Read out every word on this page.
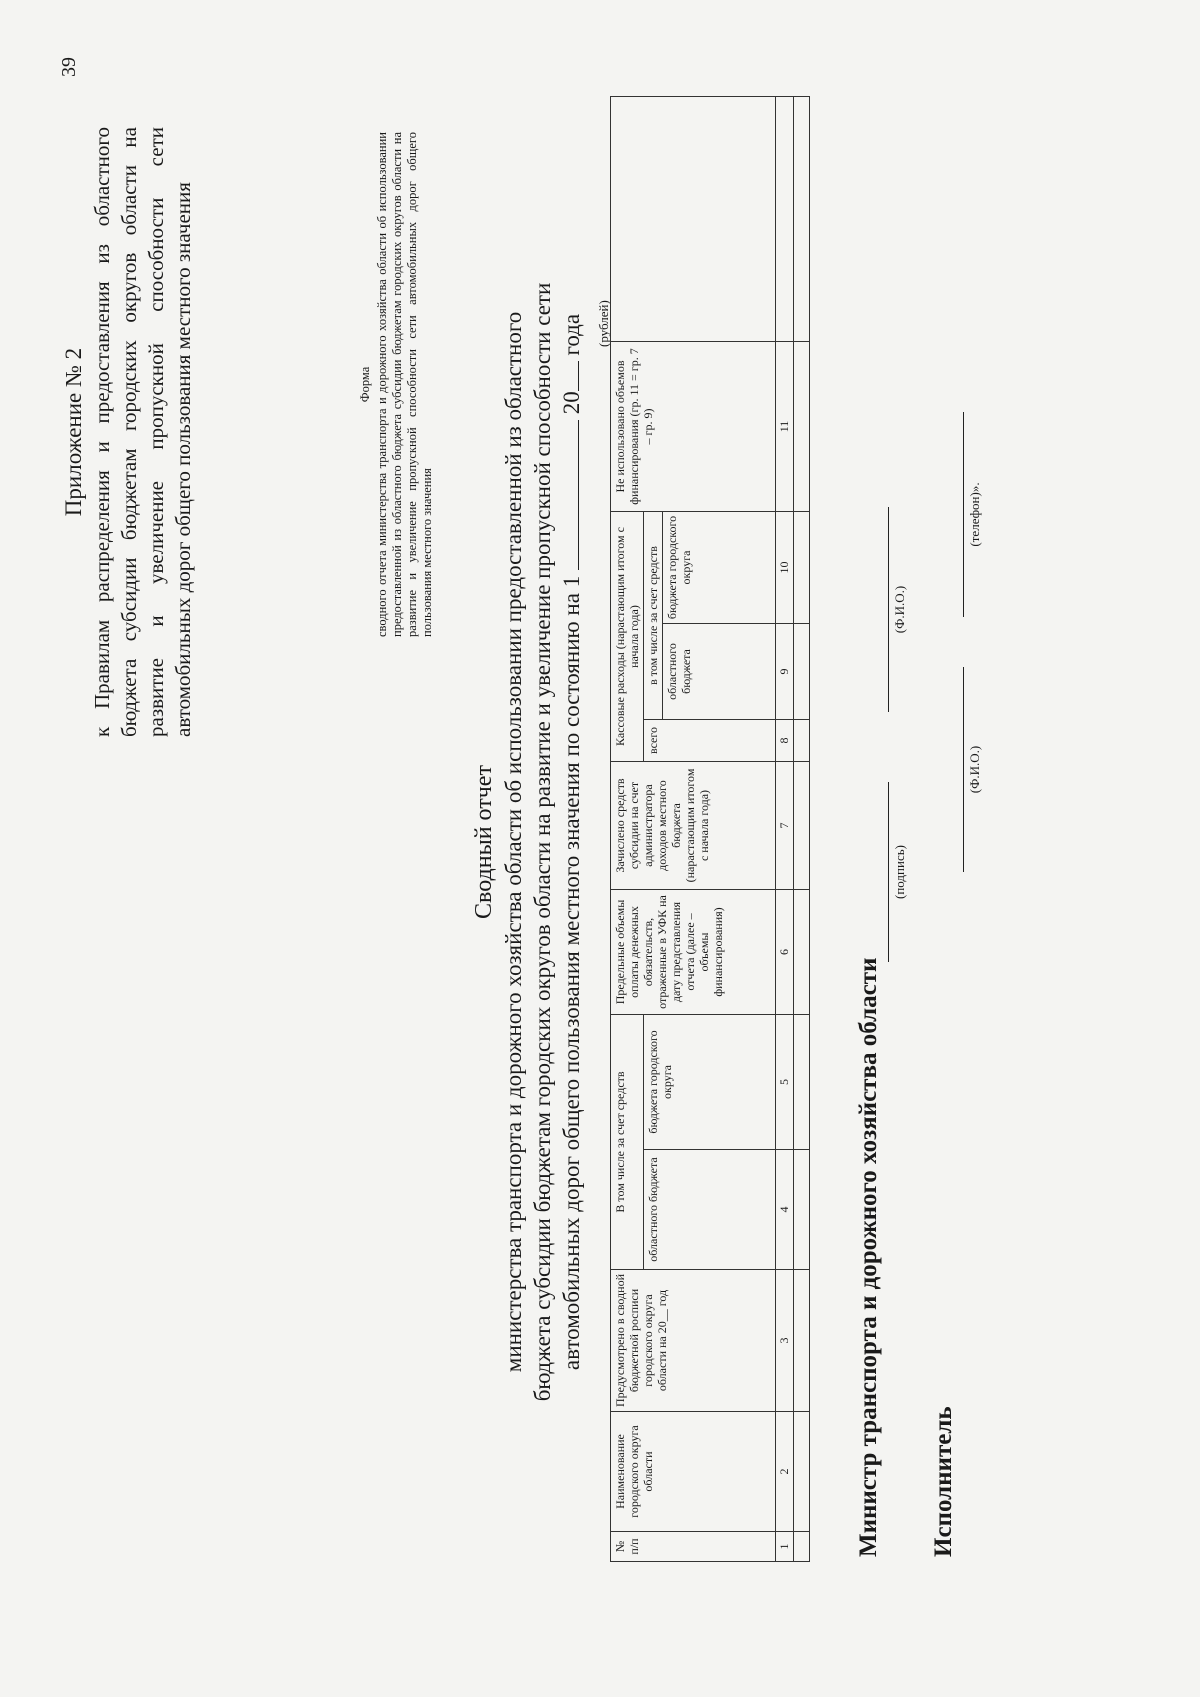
39
Приложение № 2 к Правилам распределения и предоставления из областного бюджета субсидии бюджетам городских округов области на развитие и увеличение пропускной способности сети автомобильных дорог общего пользования местного значения	Форма сводного отчета министерства транспорта и дорожного хозяйства области об использовании предоставленной из областного бюджета субсидии бюджетам городских округов области на развитие и увеличение пропускной способности сети автомобильных дорог общего пользования местного значения
Сводный отчет министерства транспорта и дорожного хозяйства области об использовании предоставленной из областного бюджета субсидии бюджетам городских округов области на развитие и увеличение пропускной способности сети автомобильных дорог общего пользования местного значения по состоянию на 1  20 года (рублей)
№ п/п	Наименование городского округа области	Предусмотрено в сводной бюджетной росписи городского округа области на 20__ год	В том числе за счет средств		Предельные объемы оплаты денежных обязательств, отраженные в УФК на дату представления отчета (далее – объемы финансирования)	Зачислено средств субсидии на счет администратора доходов местного бюджета (нарастающим итогом с начала года)	Кассовые расходы (нарастающим итогом с начала года)			Не использовано объемов финансирования (гр. 11 = гр. 7 – гр. 9)	
			областного бюджета	бюджета городского округа			всего	в том числе за счет средств			
								областного бюджета	бюджета городского округа		
1	2	3	4	5	6	7	8	9	10	11	

Министр транспорта и дорожного хозяйства области
(подпись)
(Ф.И.О.)
Исполнитель
(Ф.И.О.)
(телефон)».
